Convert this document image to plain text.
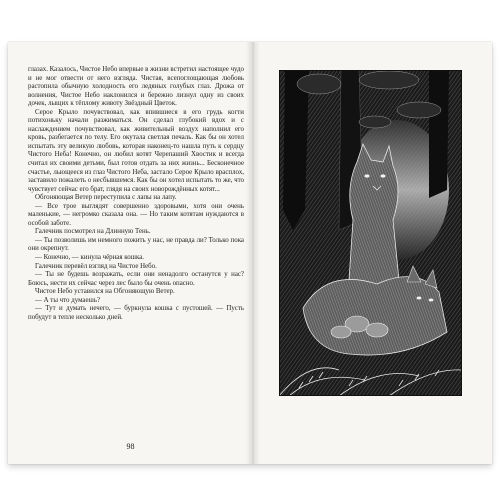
глазах. Казалось, Чистое Небо впервые в жизни встретил настоящее чудо и не мог отвести от него взгляда. Чистая, всепоглощающая любовь растопила обычную холодность его ледяных голубых глаз. Дрожа от волнения, Чистое Небо наклонился и бережно лизнул одну из своих дочек, лыщих к тёплому животу Звёздный Цветок.

Серое Крыло почувствовал, как впившиеся в его грудь когти потихоньку начали разжиматься. Он сделал глубокий вдох и с наслаждением почувствовал, как живительный воздух наполнил его кровь, разбегается по телу. Его окутала светлая печаль. Как бы он хотел испытать эту великую любовь, которая наконец-то нашла путь к сердцу Чистого Неба! Конечно, он любил котят Черепаший Хвостик и всегда считал их своими детьми, был готов отдать за них жизнь... Бесконечное счастье, льющееся из глаз Чистого Неба, застало Серое Крыло врасплох, заставило пожалеть о несбывшемся. Как бы он хотел испытать то же, что чувствует сейчас его брат, глядя на своих новорождённых котят...

Обгоняющая Ветер переступила с лапы на лапу.

— Все трое выглядят совершенно здоровыми, хотя они очень маленькие, — негромко сказала она. — Но таким котятам нуждаются в особой заботе.

Галечник посмотрел на Длинную Тень.

— Ты позволишь им немного пожить у нас, не правда ли? Только пока они окрепнут.

— Конечно, — кинула чёрная кошка.

Галечник перевёл взгляд на Чистое Небо.

— Ты не будешь возражать, если они ненадолго останутся у нас? Боюсь, нести их сейчас через лес было бы очень опасно.

Чистое Небо уставился на Обгоняющую Ветер.

— А ты что думаешь?

— Тут и думать нечего, — буркнула кошка с пустошей. — Пусть побудут в тепле несколько дней.

98
